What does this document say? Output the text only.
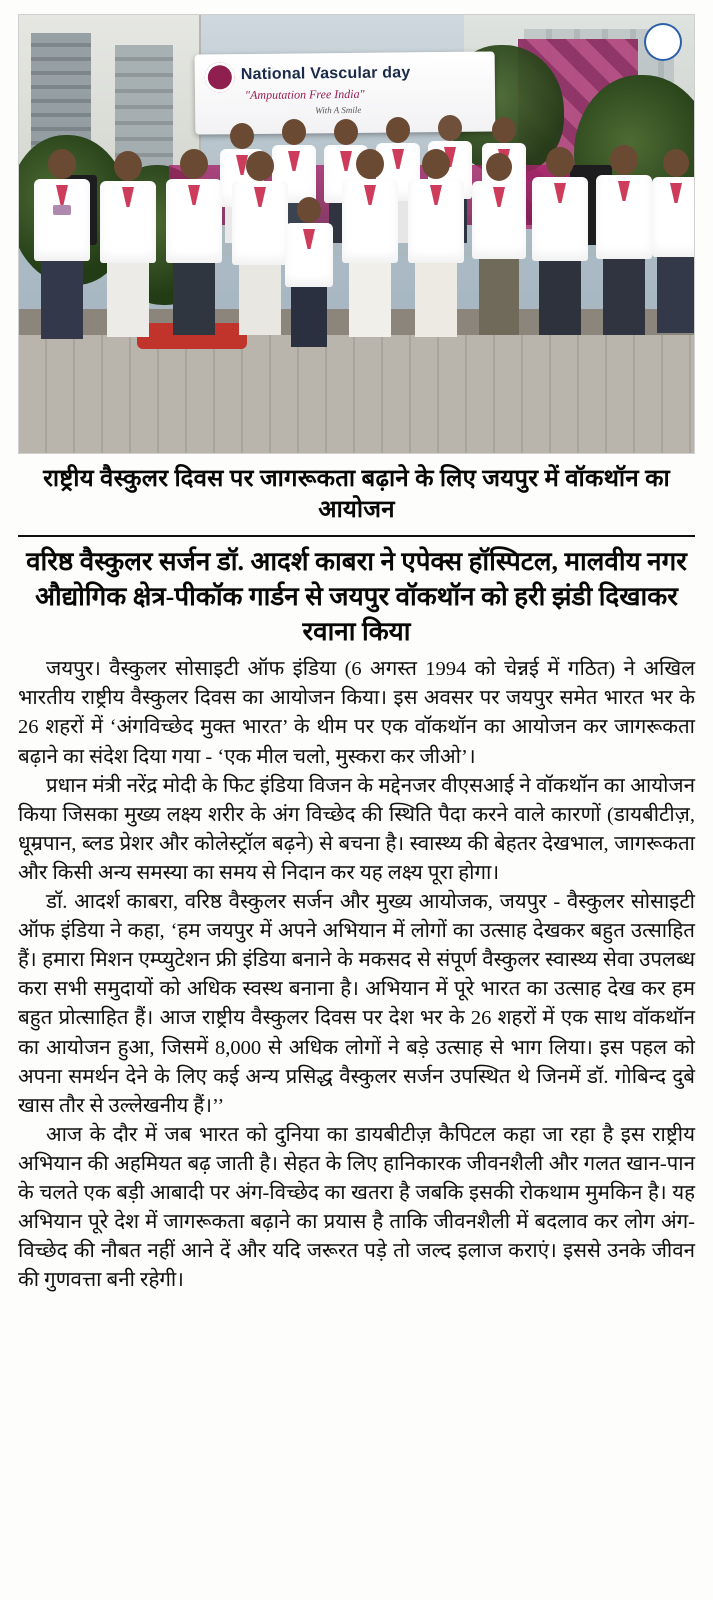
National Vascular day
"Amputation Free India"
With A Smile
राष्ट्रीय वैस्कुलर दिवस पर जागरूकता बढ़ाने के लिए जयपुर में वॉकथॉन का आयोजन
वरिष्ठ वैस्कुलर सर्जन डॉ. आदर्श काबरा ने एपेक्स हॉस्पिटल, मालवीय नगर औद्योगिक क्षेत्र-पीकॉक गार्डन से जयपुर वॉकथॉन को हरी झंडी दिखाकर रवाना किया

जयपुर। वैस्कुलर सोसाइटी ऑफ इंडिया (6 अगस्त 1994 को चेन्नई में गठित) ने अखिल भारतीय राष्ट्रीय वैस्कुलर दिवस का आयोजन किया। इस अवसर पर जयपुर समेत भारत भर के 26 शहरों में ‘अंगविच्छेद मुक्त भारत’ के थीम पर एक वॉकथॉन का आयोजन कर जागरूकता बढ़ाने का संदेश दिया गया - ‘एक मील चलो, मुस्करा कर जीओ’।

प्रधान मंत्री नरेंद्र मोदी के फिट इंडिया विजन के मद्देनजर वीएसआई ने वॉकथॉन का आयोजन किया जिसका मुख्य लक्ष्य शरीर के अंग विच्छेद की स्थिति पैदा करने वाले कारणों (डायबीटीज़, धूम्रपान, ब्लड प्रेशर और कोलेस्ट्रॉल बढ़ने) से बचना है। स्वास्थ्य की बेहतर देखभाल, जागरूकता और किसी अन्य समस्या का समय से निदान कर यह लक्ष्य पूरा होगा।

डॉ. आदर्श काबरा, वरिष्ठ वैस्कुलर सर्जन और मुख्य आयोजक, जयपुर - वैस्कुलर सोसाइटी ऑफ इंडिया ने कहा, ‘हम जयपुर में अपने अभियान में लोगों का उत्साह देखकर बहुत उत्साहित हैं। हमारा मिशन एम्प्युटेशन फ्री इंडिया बनाने के मकसद से संपूर्ण वैस्कुलर स्वास्थ्य सेवा उपलब्ध करा सभी समुदायों को अधिक स्वस्थ बनाना है। अभियान में पूरे भारत का उत्साह देख कर हम बहुत प्रोत्साहित हैं। आज राष्ट्रीय वैस्कुलर दिवस पर देश भर के 26 शहरों में एक साथ वॉकथॉन का आयोजन हुआ, जिसमें 8,000 से अधिक लोगों ने बड़े उत्साह से भाग लिया। इस पहल को अपना समर्थन देने के लिए कई अन्य प्रसिद्ध वैस्कुलर सर्जन उपस्थित थे जिनमें डॉ. गोबिन्द दुबे खास तौर से उल्लेखनीय हैं।’’

आज के दौर में जब भारत को दुनिया का डायबीटीज़ कैपिटल कहा जा रहा है इस राष्ट्रीय अभियान की अहमियत बढ़ जाती है। सेहत के लिए हानिकारक जीवनशैली और गलत खान-पान के चलते एक बड़ी आबादी पर अंग-विच्छेद का खतरा है जबकि इसकी रोकथाम मुमकिन है। यह अभियान पूरे देश में जागरूकता बढ़ाने का प्रयास है ताकि जीवनशैली में बदलाव कर लोग अंग-विच्छेद की नौबत नहीं आने दें और यदि जरूरत पड़े तो जल्द इलाज कराएं। इससे उनके जीवन की गुणवत्ता बनी रहेगी।
